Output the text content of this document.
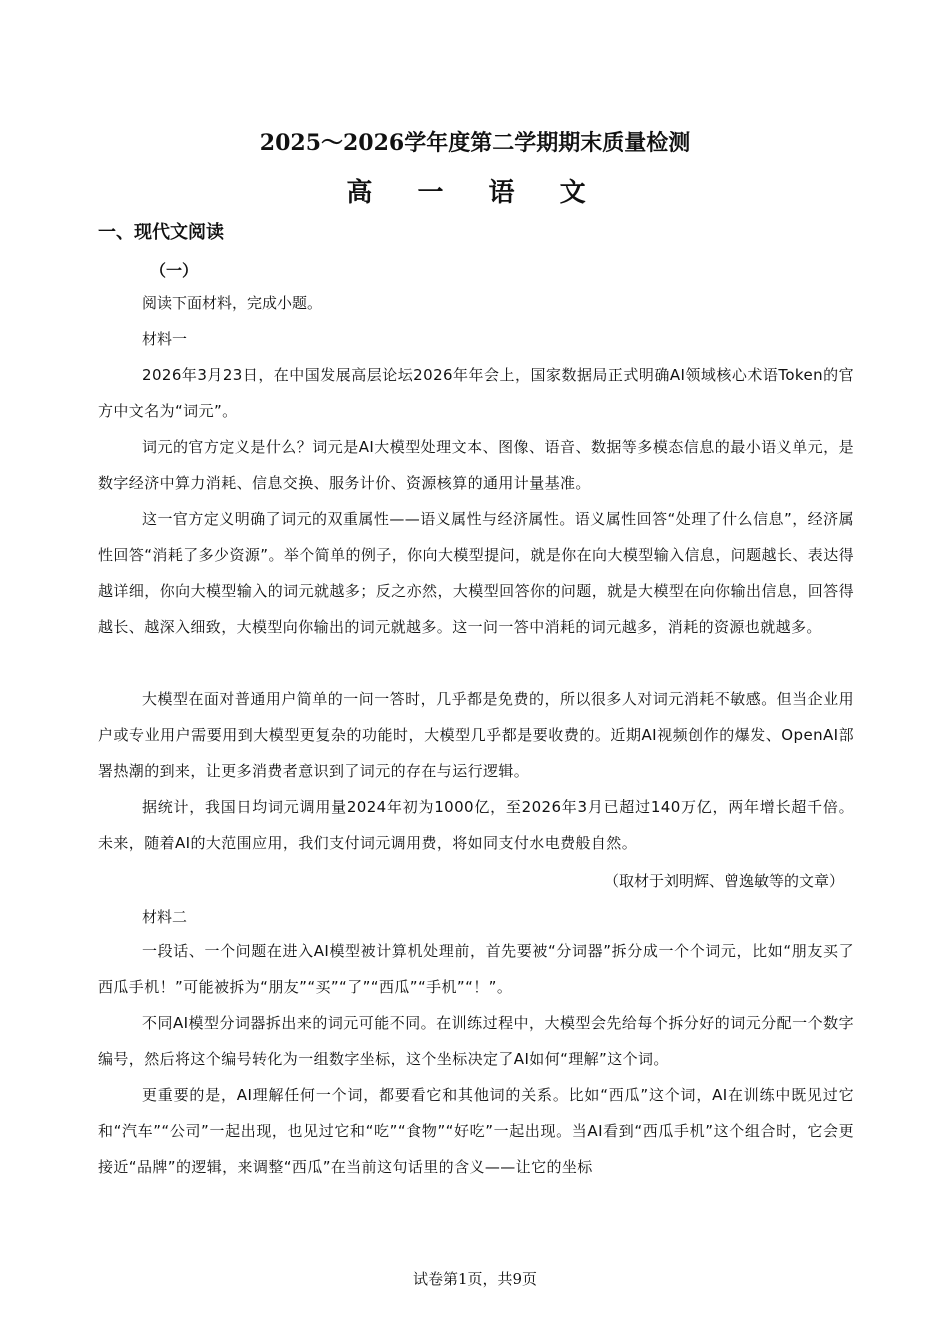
2025～2026学年度第二学期期末质量检测
高 一 语 文
一、现代文阅读
（一）
阅读下面材料，完成小题。
材料一

2026年3月23日，在中国发展高层论坛2026年年会上，国家数据局正式明确AI领域核心术语Token的官方中文名为“词元”。

词元的官方定义是什么？词元是AI大模型处理文本、图像、语音、数据等多模态信息的最小语义单元，是数字经济中算力消耗、信息交换、服务计价、资源核算的通用计量基准。

这一官方定义明确了词元的双重属性——语义属性与经济属性。语义属性回答“处理了什么信息”，经济属性回答“消耗了多少资源”。举个简单的例子，你向大模型提问，就是你在向大模型输入信息，问题越长、表达得越详细，你向大模型输入的词元就越多；反之亦然，大模型回答你的问题，就是大模型在向你输出信息，回答得越长、越深入细致，大模型向你输出的词元就越多。这一问一答中消耗的词元越多，消耗的资源也就越多。

大模型在面对普通用户简单的一问一答时，几乎都是免费的，所以很多人对词元消耗不敏感。但当企业用户或专业用户需要用到大模型更复杂的功能时，大模型几乎都是要收费的。近期AI视频创作的爆发、OpenAI部署热潮的到来，让更多消费者意识到了词元的存在与运行逻辑。

据统计，我国日均词元调用量2024年初为1000亿，至2026年3月已超过140万亿，两年增长超千倍。未来，随着AI的大范围应用，我们支付词元调用费，将如同支付水电费般自然。

（取材于刘明辉、曾逸敏等的文章）
材料二

一段话、一个问题在进入AI模型被计算机处理前，首先要被“分词器”拆分成一个个词元，比如“朋友买了西瓜手机！”可能被拆为“朋友”“买”“了”“西瓜”“手机”“！”。

不同AI模型分词器拆出来的词元可能不同。在训练过程中，大模型会先给每个拆分好的词元分配一个数字编号，然后将这个编号转化为一组数字坐标，这个坐标决定了AI如何“理解”这个词。

更重要的是，AI理解任何一个词，都要看它和其他词的关系。比如“西瓜”这个词，AI在训练中既见过它和“汽车”“公司”一起出现，也见过它和“吃”“食物”“好吃”一起出现。当AI看到“西瓜手机”这个组合时，它会更接近“品牌”的逻辑，来调整“西瓜”在当前这句话里的含义——让它的坐标

试卷第1页，共9页
